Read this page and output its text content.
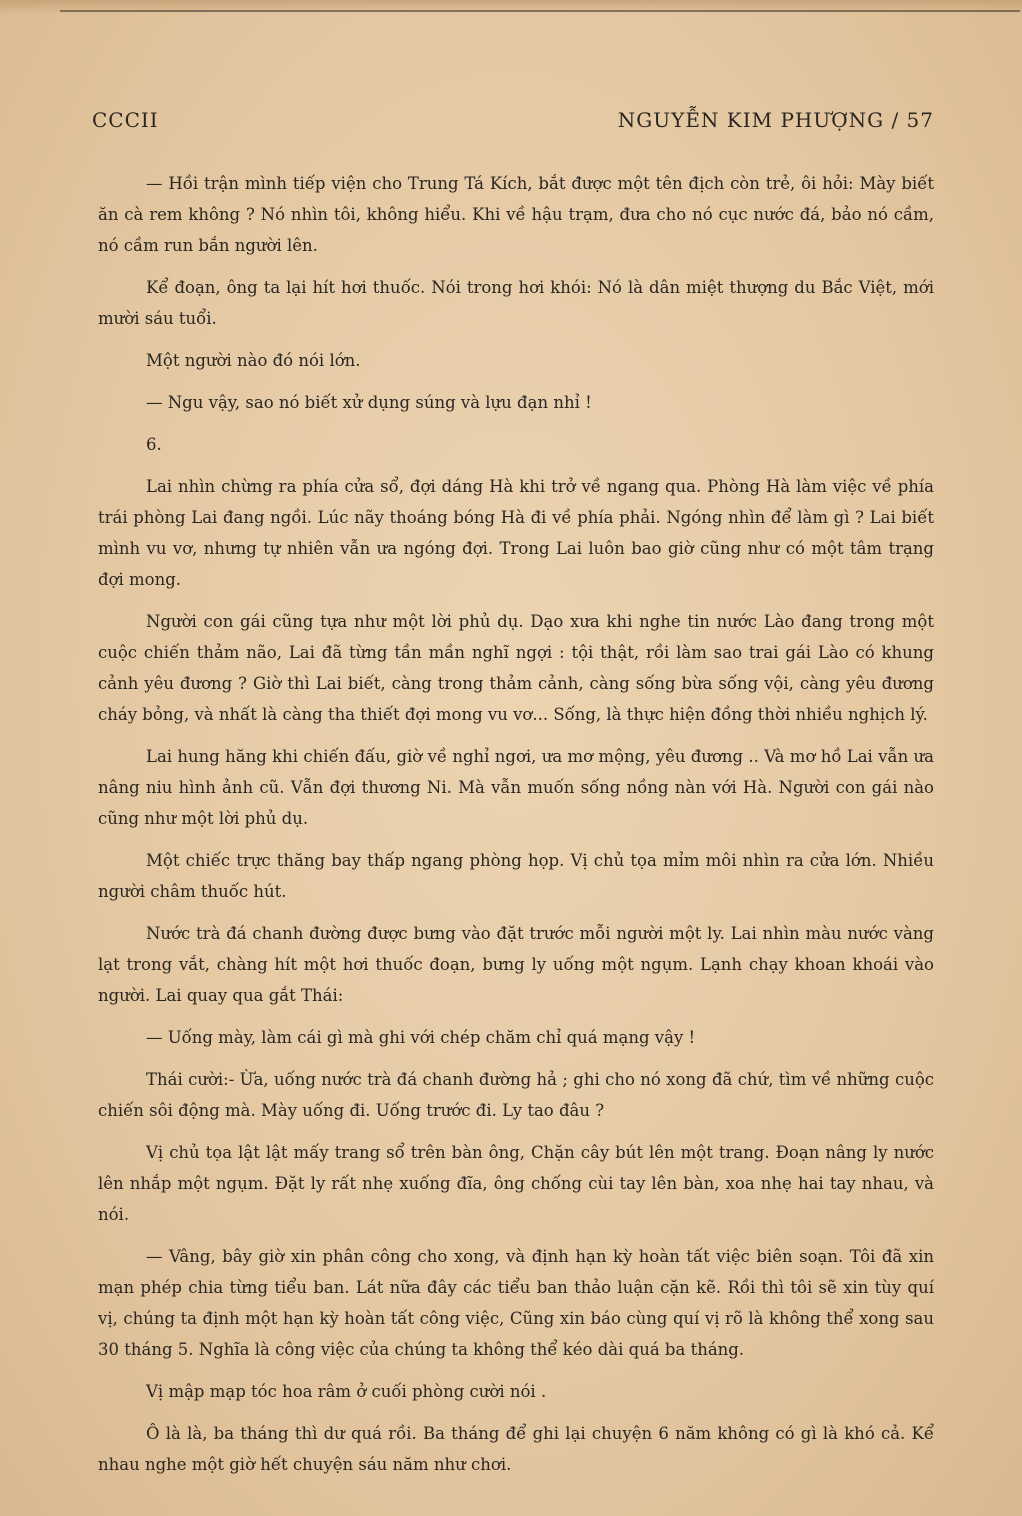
CCCII	NGUYỄN KIM PHƯỢNG / 57

— Hồi trận mình tiếp viện cho Trung Tá Kích, bắt được một tên địch còn trẻ, ôi hỏi: Mày biết ăn cà rem không ? Nó nhìn tôi, không hiểu. Khi về hậu trạm, đưa cho nó cục nước đá, bảo nó cầm, nó cầm run bắn người lên.

Kể đoạn, ông ta lại hít hơi thuốc. Nói trong hơi khói: Nó là dân miệt thượng du Bắc Việt, mới mười sáu tuổi.

Một người nào đó nói lớn.

— Ngu vậy, sao nó biết xử dụng súng và lựu đạn nhỉ !

6.

Lai nhìn chừng ra phía cửa sổ, đợi dáng Hà khi trở về ngang qua. Phòng Hà làm việc về phía trái phòng Lai đang ngồi. Lúc nãy thoáng bóng Hà đi về phía phải. Ngóng nhìn để làm gì ? Lai biết mình vu vơ, nhưng tự nhiên vẫn ưa ngóng đợi. Trong Lai luôn bao giờ cũng như có một tâm trạng đợi mong.

Người con gái cũng tựa như một lời phủ dụ. Dạo xưa khi nghe tin nước Lào đang trong một cuộc chiến thảm não, Lai đã từng tần mần nghĩ ngợi : tội thật, rồi làm sao trai gái Lào có khung cảnh yêu đương ? Giờ thì Lai biết, càng trong thảm cảnh, càng sống bừa sống vội, càng yêu đương cháy bỏng, và nhất là càng tha thiết đợi mong vu vơ... Sống, là thực hiện đồng thời nhiều nghịch lý.

Lai hung hăng khi chiến đấu, giờ về nghỉ ngơi, ưa mơ mộng, yêu đương .. Và mơ hồ Lai vẫn ưa nâng niu hình ảnh cũ. Vẫn đợi thương Ni. Mà vẫn muốn sống nồng nàn với Hà. Người con gái nào cũng như một lời phủ dụ.

Một chiếc trực thăng bay thấp ngang phòng họp. Vị chủ tọa mỉm môi nhìn ra cửa lớn. Nhiều người châm thuốc hút.

Nước trà đá chanh đường được bưng vào đặt trước mỗi người một ly. Lai nhìn màu nước vàng lạt trong vắt, chàng hít một hơi thuốc đoạn, bưng ly uống một ngụm. Lạnh chạy khoan khoái vào người. Lai quay qua gắt Thái:

— Uống mày, làm cái gì mà ghi với chép chăm chỉ quá mạng vậy !

Thái cười:- Ừa, uống nước trà đá chanh đường hả ; ghi cho nó xong đã chứ, tìm về những cuộc chiến sôi động mà. Mày uống đi. Uống trước đi. Ly tao đâu ?

Vị chủ tọa lật lật mấy trang sổ trên bàn ông, Chặn cây bút lên một trang. Đoạn nâng ly nước lên nhắp một ngụm. Đặt ly rất nhẹ xuống đĩa, ông chống cùi tay lên bàn, xoa nhẹ hai tay nhau, và nói.

— Vâng, bây giờ xin phân công cho xong, và định hạn kỳ hoàn tất việc biên soạn. Tôi đã xin mạn phép chia từng tiểu ban. Lát nữa đây các tiểu ban thảo luận cặn kẽ. Rồi thì tôi sẽ xin tùy quí vị, chúng ta định một hạn kỳ hoàn tất công việc, Cũng xin báo cùng quí vị rõ là không thể xong sau 30 tháng 5. Nghĩa là công việc của chúng ta không thể kéo dài quá ba tháng.

Vị mập mạp tóc hoa râm ở cuối phòng cười nói .

Ô là là, ba tháng thì dư quá rồi. Ba tháng để ghi lại chuyện 6 năm không có gì là khó cả. Kể nhau nghe một giờ hết chuyện sáu năm như chơi.
